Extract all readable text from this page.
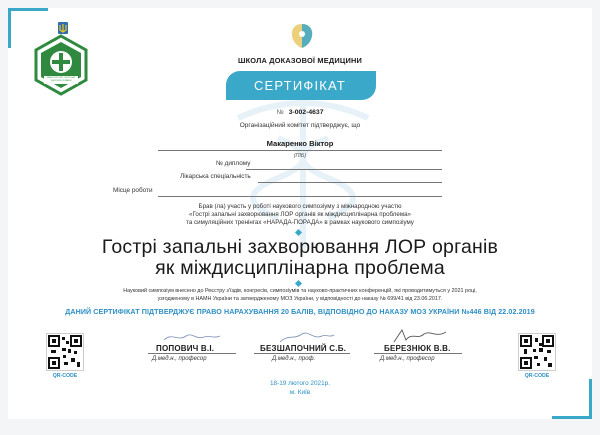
МІНІСТЕРСТВО ОХОРОНИ
ЗДОРОВ'Я УКРАЇНИ
ШКОЛА ДОКАЗОВОЇ МЕДИЦИНИ
СЕРТИФІКАТ
№ 3-002-4637
Організаційний комітет підтверджує, що
Макаренко Віктор
(ПІБ)
№ диплому
Лікарська спеціальність
Місце роботи
Брав (ла) участь у роботі наукового симпозіуму з міжнародною участю
«Гострі запальні захворювання ЛОР органів як міждисциплінарна проблема»
та симуляційних тренінгах «НАРАДА-ПОРАДА» в рамках наукового симпозіуму
Гострі запальні захворювання ЛОР органів
як міждисциплінарна проблема
Науковий симпозіум внесено до Реєстру з'їздів, конгресів, симпозіумів та науково-практичних конференцій, які проводитимуться у 2021 році,
узгодженому в НАМН України та затвердженому МОЗ України, у відповідності до наказу № 699/41 від 23.06.2017.
ДАНИЙ СЕРТИФІКАТ ПІДТВЕРДЖУЄ ПРАВО НАРАХУВАННЯ 20 БАЛІВ, ВІДПОВІДНО ДО НАКАЗУ МОЗ УКРАЇНИ №446 ВІД 22.02.2019
QR-CODE	QR-CODE
ПОПОВИЧ В.І.
Д.мед.н., професор
БЕЗШАПОЧНИЙ С.Б.
Д.мед.н., проф.
БЕРЕЗНЮК В.В.
Д.мед.н., професор
18-19 лютого 2021р.
м. Київ
